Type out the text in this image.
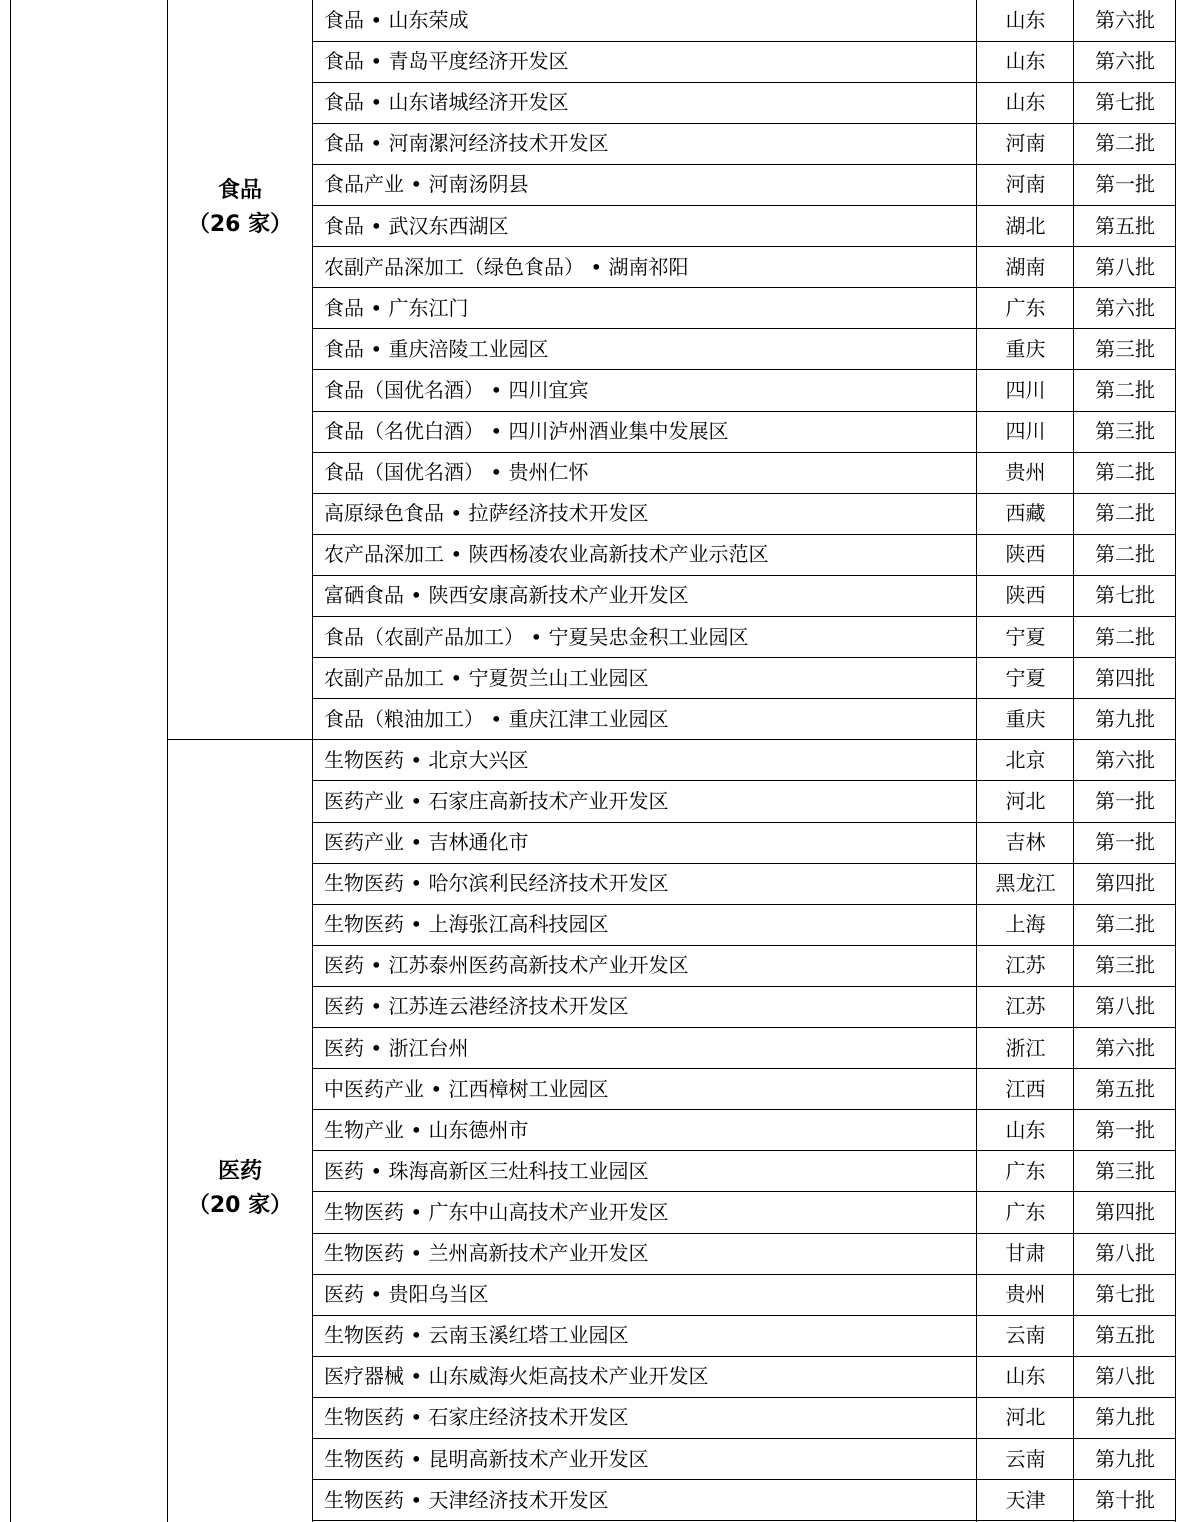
食品
（26 家）
医药
（20 家）
食品 • 山东荣成	山东	第六批
食品 • 青岛平度经济开发区	山东	第六批
食品 • 山东诸城经济开发区	山东	第七批
食品 • 河南漯河经济技术开发区	河南	第二批
食品产业 • 河南汤阴县	河南	第一批
食品 • 武汉东西湖区	湖北	第五批
农副产品深加工（绿色食品） • 湖南祁阳	湖南	第八批
食品 • 广东江门	广东	第六批
食品 • 重庆涪陵工业园区	重庆	第三批
食品（国优名酒） • 四川宜宾	四川	第二批
食品（名优白酒） • 四川泸州酒业集中发展区	四川	第三批
食品（国优名酒） • 贵州仁怀	贵州	第二批
高原绿色食品 • 拉萨经济技术开发区	西藏	第二批
农产品深加工 • 陕西杨凌农业高新技术产业示范区	陕西	第二批
富硒食品 • 陕西安康高新技术产业开发区	陕西	第七批
食品（农副产品加工） • 宁夏吴忠金积工业园区	宁夏	第二批
农副产品加工 • 宁夏贺兰山工业园区	宁夏	第四批
食品（粮油加工） • 重庆江津工业园区	重庆	第九批
生物医药 • 北京大兴区	北京	第六批
医药产业 • 石家庄高新技术产业开发区	河北	第一批
医药产业 • 吉林通化市	吉林	第一批
生物医药 • 哈尔滨利民经济技术开发区	黑龙江	第四批
生物医药 • 上海张江高科技园区	上海	第二批
医药 • 江苏泰州医药高新技术产业开发区	江苏	第三批
医药 • 江苏连云港经济技术开发区	江苏	第八批
医药 • 浙江台州	浙江	第六批
中医药产业 • 江西樟树工业园区	江西	第五批
生物产业 • 山东德州市	山东	第一批
医药 • 珠海高新区三灶科技工业园区	广东	第三批
生物医药 • 广东中山高技术产业开发区	广东	第四批
生物医药 • 兰州高新技术产业开发区	甘肃	第八批
医药 • 贵阳乌当区	贵州	第七批
生物医药 • 云南玉溪红塔工业园区	云南	第五批
医疗器械 • 山东威海火炬高技术产业开发区	山东	第八批
生物医药 • 石家庄经济技术开发区	河北	第九批
生物医药 • 昆明高新技术产业开发区	云南	第九批
生物医药 • 天津经济技术开发区	天津	第十批
